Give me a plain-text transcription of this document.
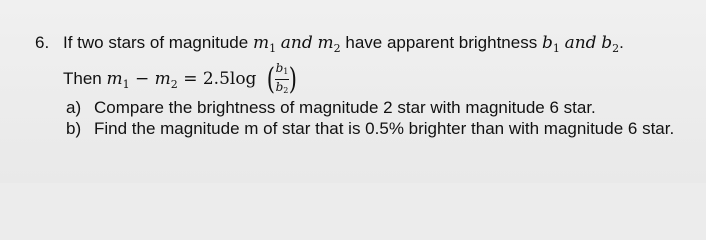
6. If two stars of magnitude $m_1$ and $m_2$ have apparent brightness $b_1$ and $b_2$.
Then $m_1 - m_2 = 2.5\log$ ( $\frac{b1}{b2}$ )
a) Compare the brightness of magnitude 2 star with magnitude 6 star.
b) Find the magnitude m of star that is 0.5% brighter than with magnitude 6 star.
